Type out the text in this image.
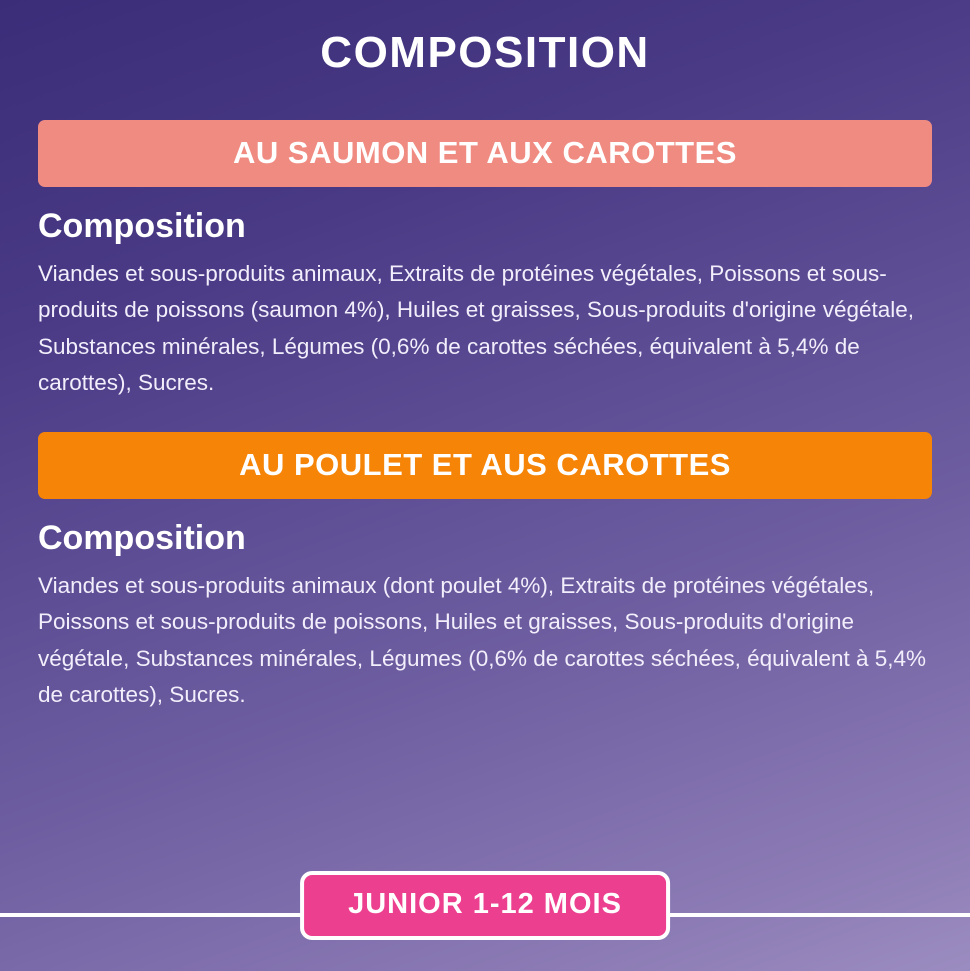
COMPOSITION
AU SAUMON ET AUX CAROTTES
Composition
Viandes et sous-produits animaux, Extraits de protéines végétales, Poissons et sous-produits de poissons (saumon 4%), Huiles et graisses, Sous-produits d'origine végétale, Substances minérales, Légumes (0,6% de carottes séchées, équivalent à 5,4% de carottes), Sucres.
AU POULET ET AUS CAROTTES
Composition
Viandes et sous-produits animaux (dont poulet 4%), Extraits de protéines végétales, Poissons et sous-produits de poissons, Huiles et graisses, Sous-produits d'origine végétale, Substances minérales, Légumes (0,6% de carottes séchées, équivalent à 5,4% de carottes), Sucres.
JUNIOR 1-12 MOIS
